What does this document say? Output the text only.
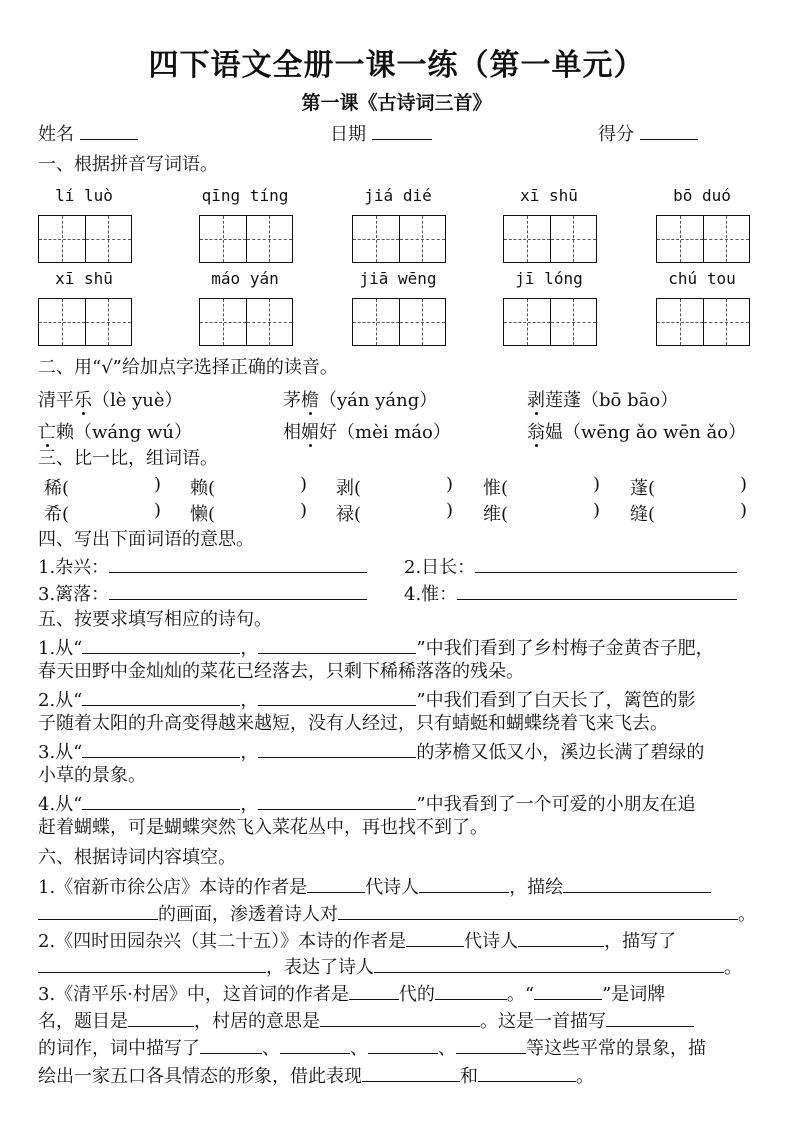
四下语文全册一课一练（第一单元）
第一课《古诗词三首》
姓名	日期	得分
一、根据拼音写词语。
lí luò	qīng tíng	jiá dié	xī shū	bō duó
xī shū	máo yán	jiā wēng	jī lóng	chú tou
二、用“√”给加点字选择正确的读音。
清平乐（lè yuè）	茅檐（yán yáng）	剥莲蓬（bō bāo）
亡赖（wáng wú）	相媚好（mèi máo）	翁媪（wēng ǎo wēn ǎo）
三、比一比，组词语。
稀(	) 赖(	) 剥(	) 惟(	) 蓬(	)
希(	) 懒(	) 禄(	) 维(	) 缝(	)
四、写出下面词语的意思。
1.杂兴：	2.日长：
3.篱落：	4.惟：
五、按要求填写相应的诗句。
1.从“	，	”中我们看到了乡村梅子金黄杏子肥，
春天田野中金灿灿的菜花已经落去，只剩下稀稀落落的残朵。
2.从“	，	”中我们看到了白天长了，篱笆的影
子随着太阳的升高变得越来越短，没有人经过，只有蜻蜓和蝴蝶绕着飞来飞去。
3.从“	，	的茅檐又低又小，溪边长满了碧绿的
小草的景象。
4.从“	，	”中我看到了一个可爱的小朋友在追
赶着蝴蝶，可是蝴蝶突然飞入菜花丛中，再也找不到了。
六、根据诗词内容填空。
1.《宿新市徐公店》本诗的作者是	代诗人	，描绘
的画面，渗透着诗人对	。
2.《四时田园杂兴（其二十五）》本诗的作者是	代诗人	，描写了
，表达了诗人	。
3.《清平乐·村居》中，这首词的作者是	代的	。“	”是词牌
名，题目是	，村居的意思是	。这是一首描写
的词作，词中描写了	、	、	、	等这些平常的景象，描
绘出一家五口各具情态的形象，借此表现	和	。
